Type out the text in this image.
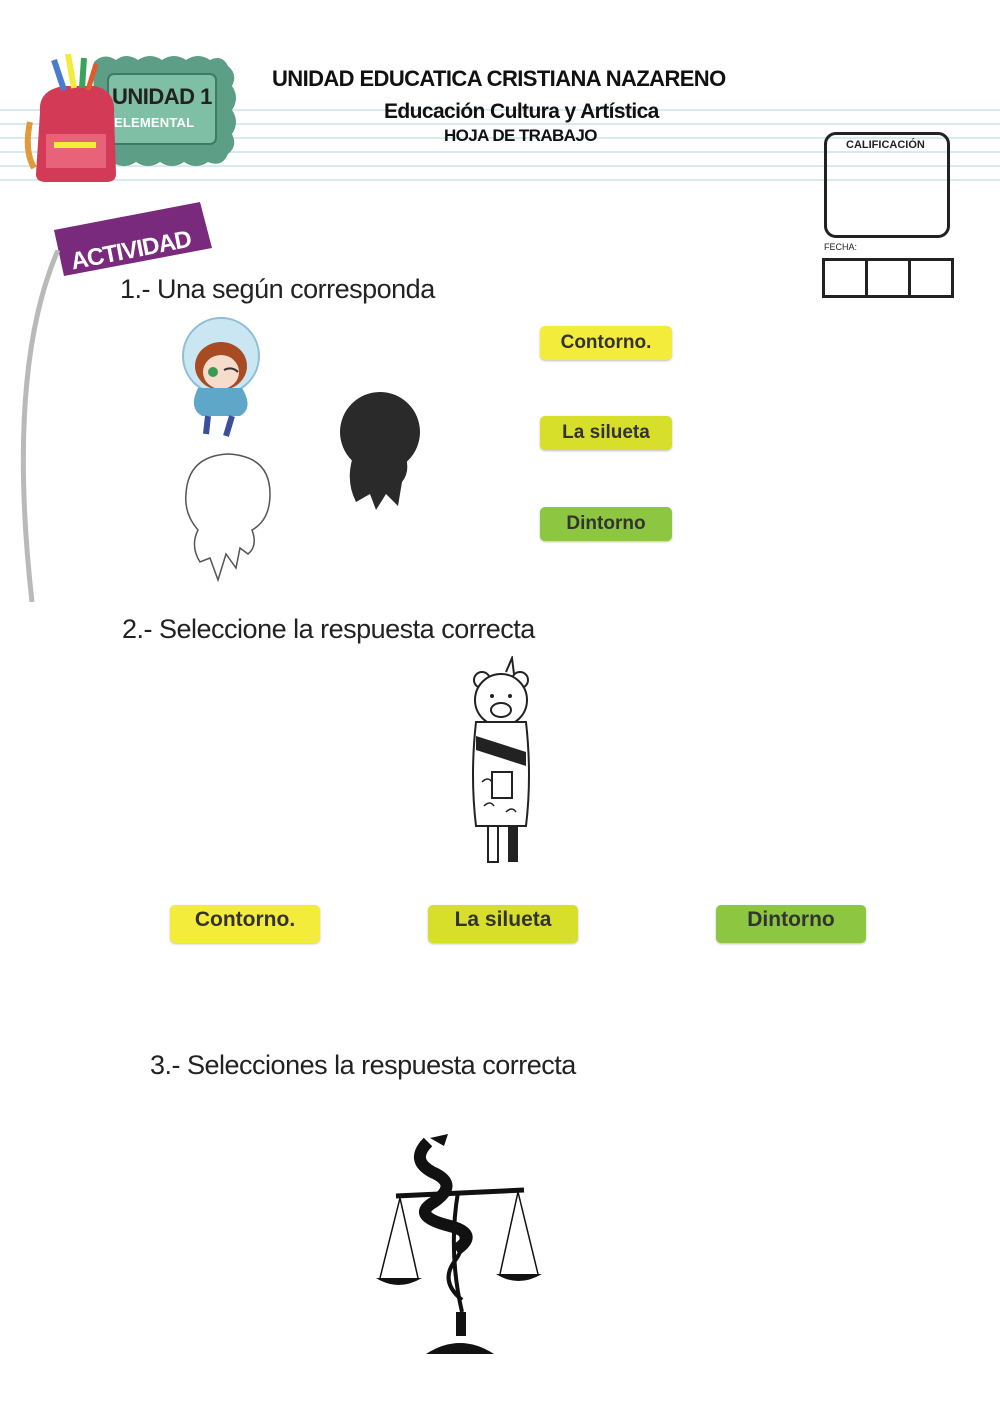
UNIDAD 1
ELEMENTAL
UNIDAD EDUCATICA CRISTIANA NAZARENO
Educación Cultura y Artística
HOJA DE TRABAJO	CALIFICACIÓN
FECHA:
ACTIVIDAD
1.- Una según corresponda
Contorno.
La silueta
Dintorno
2.- Seleccione la respuesta correcta
Contorno.	La silueta	Dintorno
3.- Selecciones la respuesta correcta
